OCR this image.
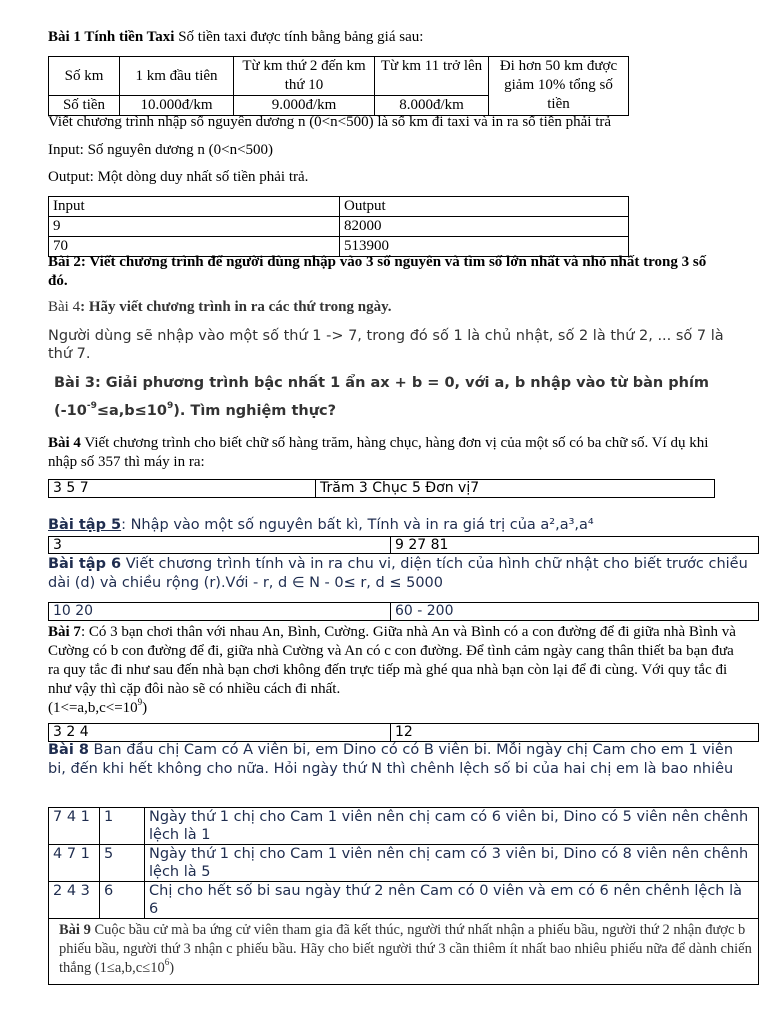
Bài 1 Tính tiền Taxi Số tiền taxi được tính bằng bảng giá sau:
Số km	1 km đầu tiên	Từ km thứ 2 đến km thứ 10	Từ km 11 trở lên	Đi hơn 50 km được giảm 10% tổng số tiền
Số tiền	10.000đ/km	9.000đ/km	8.000đ/km	
Viết chương trình nhập số nguyên dương n (0<n<500) là số km đi taxi và in ra số tiền phải trả
Input: Số nguyên dương n (0<n<500)
Output: Một dòng duy nhất số tiền phải trả.
Input	Output
9	82000
70	513900
Bài 2: Viết chương trình để người dùng nhập vào 3 số nguyên và tìm số lớn nhất và nhỏ nhất trong 3 số đó.
Bài 4: Hãy viết chương trình in ra các thứ trong ngày.
Người dùng sẽ nhập vào một số thứ 1 -> 7, trong đó số 1 là chủ nhật, số 2 là thứ 2, ... số 7 là thứ 7.
Bài 3: Giải phương trình bậc nhất 1 ẩn ax + b = 0, với a, b nhập vào từ bàn phím
$(-10^{-9}\le a,b\le 10^9)$. Tìm nghiệm thực?
Bài 4 Viết chương trình cho biết chữ số hàng trăm, hàng chục, hàng đơn vị của một số có ba chữ số. Ví dụ khi nhập số 357 thì máy in ra:
3 5 7	Trăm 3 Chục 5 Đơn vị7
Bài tập 5: Nhập vào một số nguyên bất kì, Tính và in ra giá trị của a²,a³,a⁴
3	9 27 81
Bài tập 6 Viết chương trình tính và in ra chu vi, diện tích của hình chữ nhật cho biết trước chiều dài (d) và chiều rộng (r).Với - r, d ∈ N - 0≤ r, d ≤ 5000
10 20	60 - 200
Bài 7: Có 3 bạn chơi thân với nhau An, Bình, Cường. Giữa nhà An và Bình có a con đường để đi giữa nhà Bình và Cường có b con đường để đi, giữa nhà Cường và An có c con đường. Để tình cảm ngày cang thân thiết ba bạn đưa ra quy tắc đi như sau đến nhà bạn chơi không đến trực tiếp mà ghé qua nhà bạn còn lại để đi cùng. Với quy tắc đi như vậy thì cặp đôi nào sẽ có nhiều cách đi nhất.
$(1<=a,b,c<=10^9)$
3 2 4	12
Bài 8 Ban đầu chị Cam có A viên bi, em Dino có có B viên bi. Mỗi ngày chị Cam cho em 1 viên bi, đến khi hết không cho nữa. Hỏi ngày thứ N thì chênh lệch số bi của hai chị em là bao nhiêu
7 4 1	1	Ngày thứ 1 chị cho Cam 1 viên nên chị cam có 6 viên bi, Dino có 5 viên nên chênh lệch là 1
4 7 1	5	Ngày thứ 1 chị cho Cam 1 viên nên chị cam có 3 viên bi, Dino có 8 viên nên chênh lệch là 5
2 4 3	6	Chị cho hết số bi sau ngày thứ 2 nên Cam có 0 viên và em có 6 nên chênh lệch là 6
Bài 9 Cuộc bầu cử mà ba ứng cử viên tham gia đã kết thúc, người thứ nhất nhận a phiếu bầu, người thứ 2 nhận được b phiếu bầu, người thứ 3 nhận c phiếu bầu. Hãy cho biết người thứ 3 cần thiêm ít nhất bao nhiêu phiếu nữa để dành chiến thắng $(1\le a,b,c\le 10^6)$		
